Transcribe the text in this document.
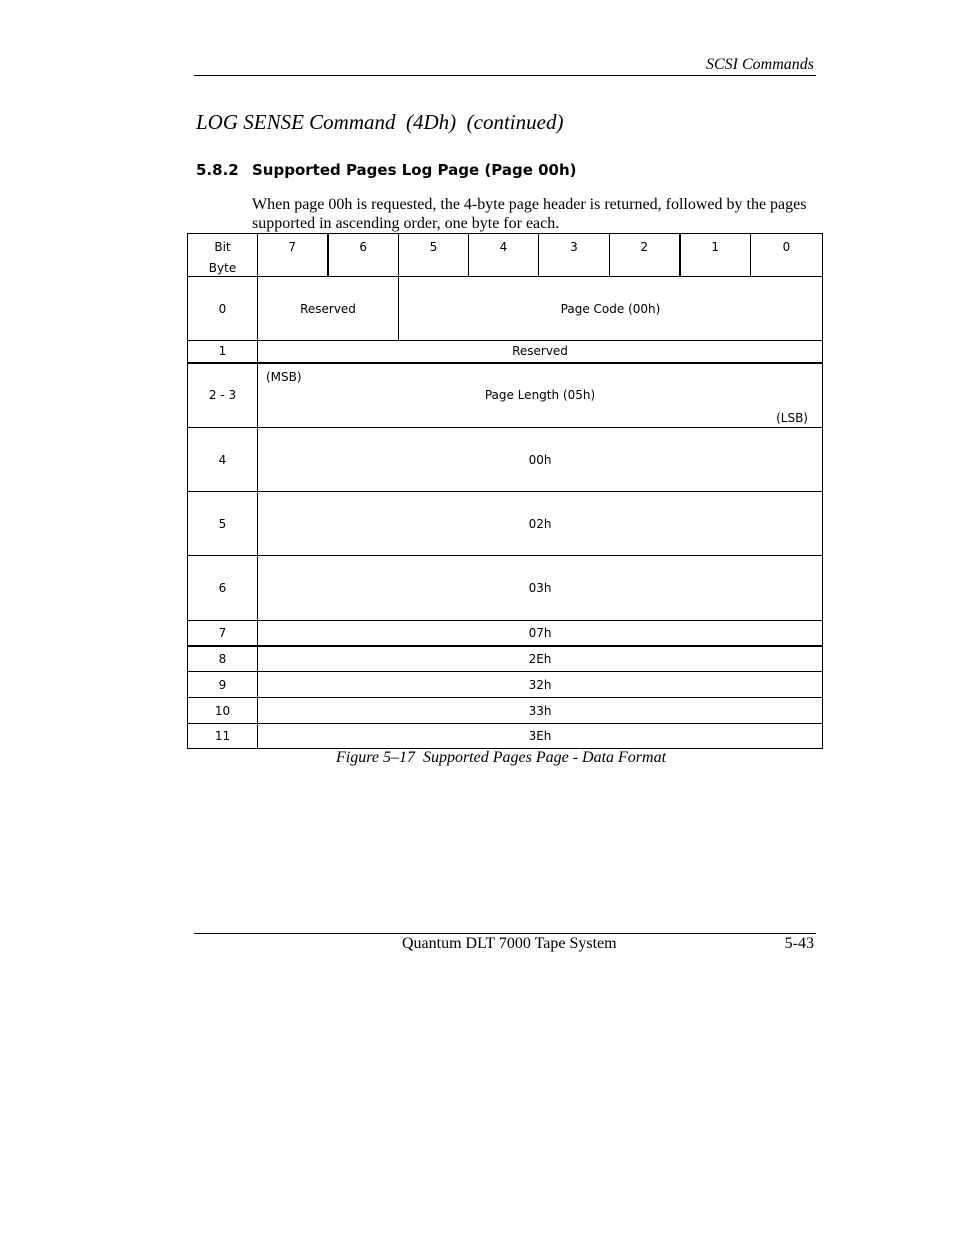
SCSI Commands
LOG SENSE Command  (4Dh)  (continued)
5.8.2 Supported Pages Log Page (Page 00h)
When page 00h is requested, the 4-byte page header is returned, followed by the pages supported in ascending order, one byte for each.
Bit
Byte	7	6	5	4	3	2	1	0
0	Reserved		Page Code (00h)					
1	Reserved							
2 - 3	(MSB)
Page Length (05h)
(LSB)							

4	00h							
5	02h							
6	03h							
7	07h							
8	2Eh							
9	32h							
10	33h							
11	3Eh							
Figure 5–17  Supported Pages Page - Data Format
Quantum DLT 7000 Tape System	5-43
